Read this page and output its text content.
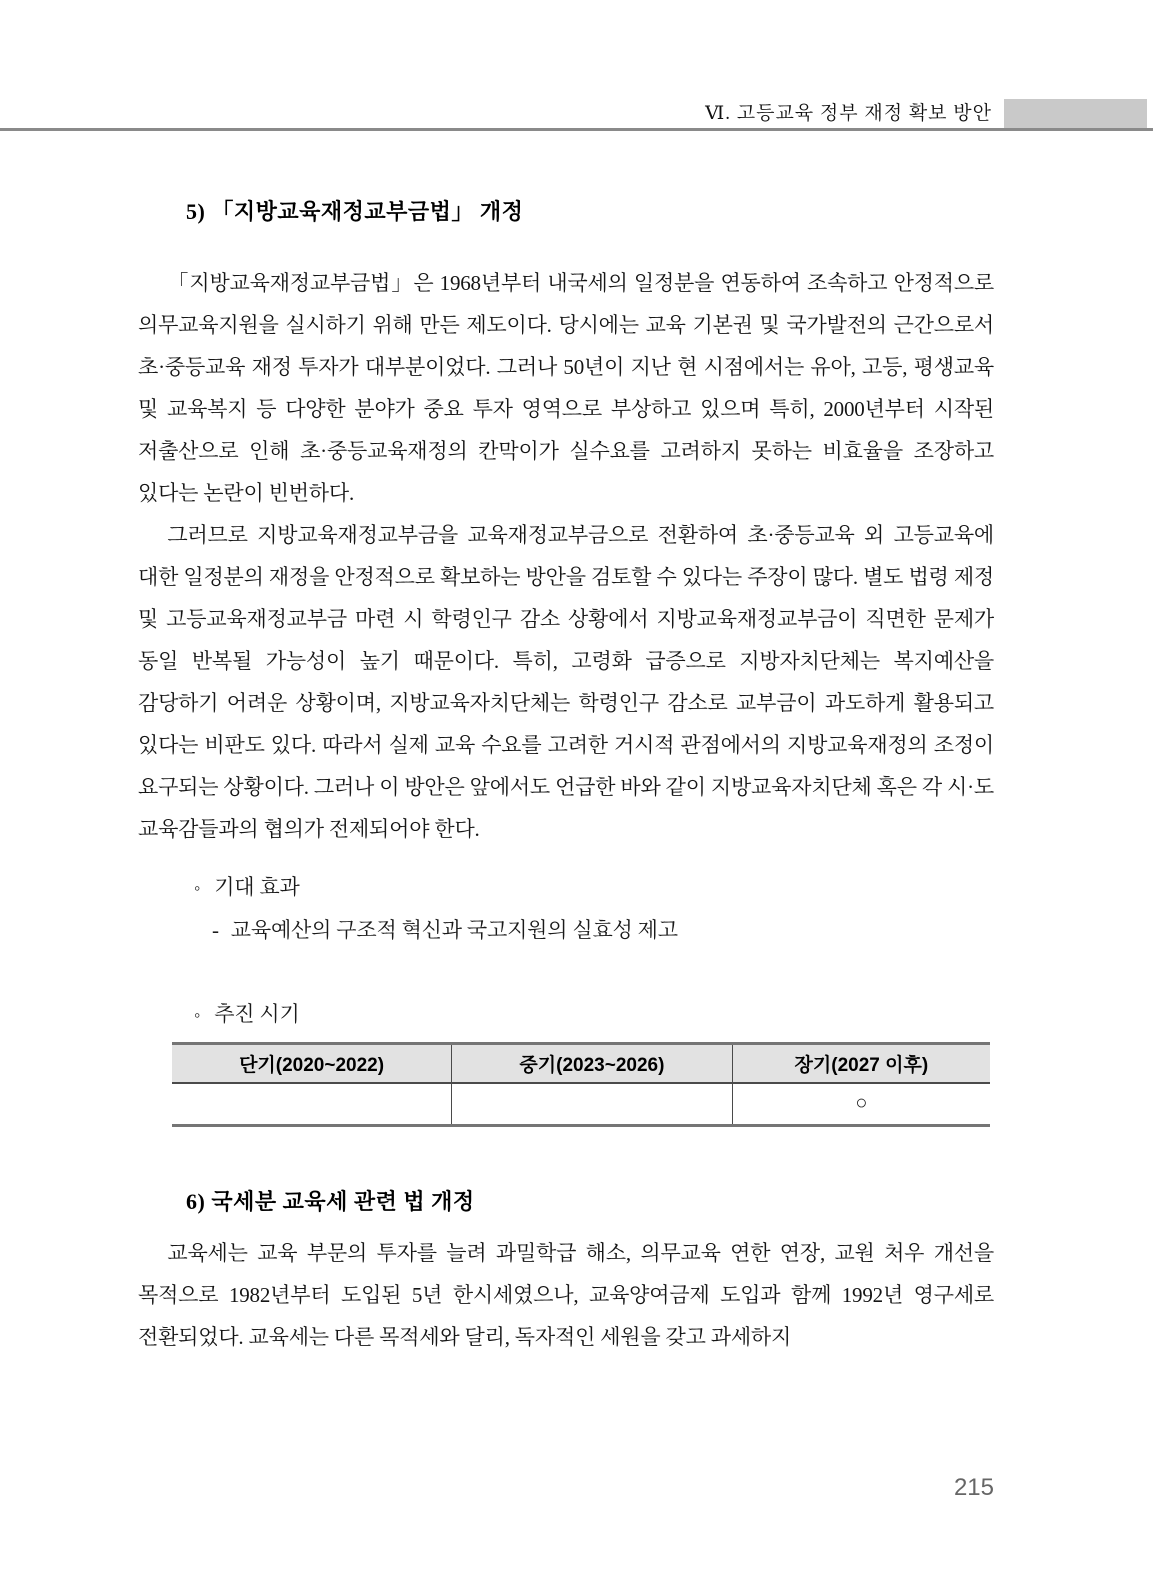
Ⅵ. 고등교육 정부 재정 확보 방안
5) 「지방교육재정교부금법」 개정

「지방교육재정교부금법」은 1968년부터 내국세의 일정분을 연동하여 조속하고 안정적으로 의무교육지원을 실시하기 위해 만든 제도이다. 당시에는 교육 기본권 및 국가발전의 근간으로서 초·중등교육 재정 투자가 대부분이었다. 그러나 50년이 지난 현 시점에서는 유아, 고등, 평생교육 및 교육복지 등 다양한 분야가 중요 투자 영역으로 부상하고 있으며 특히, 2000년부터 시작된 저출산으로 인해 초·중등교육재정의 칸막이가 실수요를 고려하지 못하는 비효율을 조장하고 있다는 논란이 빈번하다.

그러므로 지방교육재정교부금을 교육재정교부금으로 전환하여 초·중등교육 외 고등교육에 대한 일정분의 재정을 안정적으로 확보하는 방안을 검토할 수 있다는 주장이 많다. 별도 법령 제정 및 고등교육재정교부금 마련 시 학령인구 감소 상황에서 지방교육재정교부금이 직면한 문제가 동일 반복될 가능성이 높기 때문이다. 특히, 고령화 급증으로 지방자치단체는 복지예산을 감당하기 어려운 상황이며, 지방교육자치단체는 학령인구 감소로 교부금이 과도하게 활용되고 있다는 비판도 있다. 따라서 실제 교육 수요를 고려한 거시적 관점에서의 지방교육재정의 조정이 요구되는 상황이다. 그러나 이 방안은 앞에서도 언급한 바와 같이 지방교육자치단체 혹은 각 시·도 교육감들과의 협의가 전제되어야 한다.

◦ 기대 효과
- 교육예산의 구조적 혁신과 국고지원의 실효성 제고
◦ 추진 시기
단기(2020~2022)	중기(2023~2026)	장기(2027 이후)
		○
6) 국세분 교육세 관련 법 개정

교육세는 교육 부문의 투자를 늘려 과밀학급 해소, 의무교육 연한 연장, 교원 처우 개선을 목적으로 1982년부터 도입된 5년 한시세였으나, 교육양여금제 도입과 함께 1992년 영구세로 전환되었다. 교육세는 다른 목적세와 달리, 독자적인 세원을 갖고 과세하지

215
